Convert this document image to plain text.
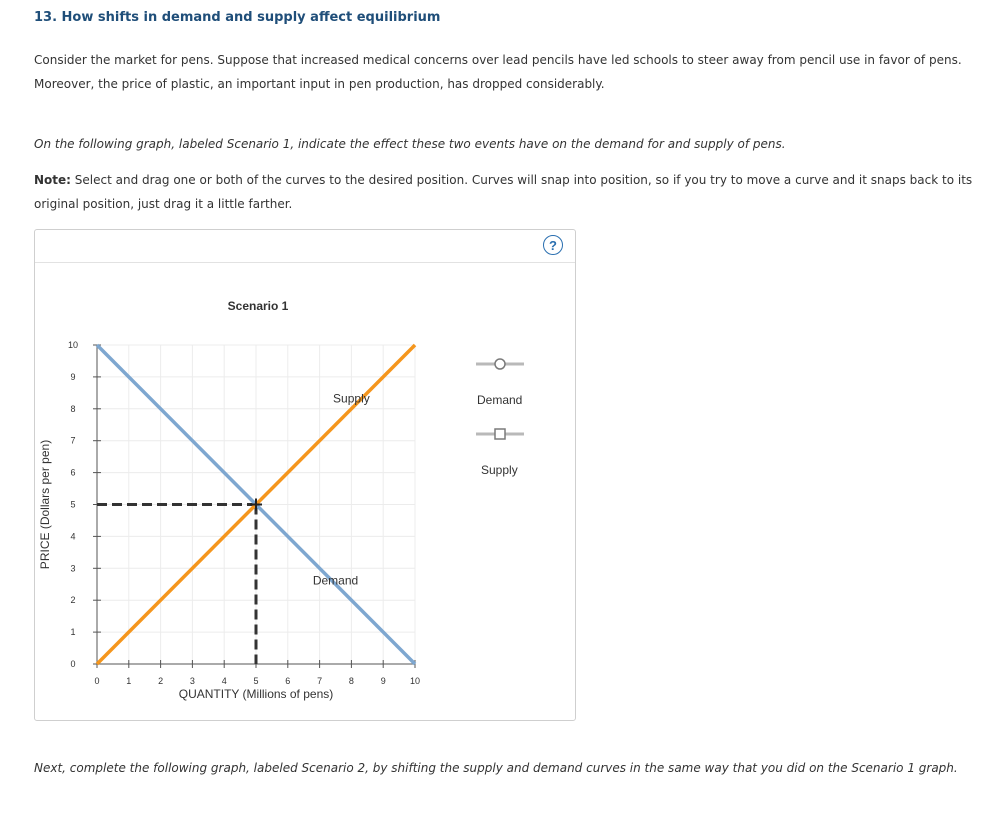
13. How shifts in demand and supply affect equilibrium
Consider the market for pens. Suppose that increased medical concerns over lead pencils have led schools to steer away from pencil use in favor of pens. Moreover, the price of plastic, an important input in pen production, has dropped considerably.
On the following graph, labeled Scenario 1, indicate the effect these two events have on the demand for and supply of pens.
Note: Select and drag one or both of the curves to the desired position. Curves will snap into position, so if you try to move a curve and it snaps back to its original position, just drag it a little farther.
?
Scenario 1
0	1	2	3	4	5	6	7	8	9	10
0
1
2
3
4
5
6
7
8
9
10
QUANTITY (Millions of pens)
PRICE (Dollars per pen)
Demand
Supply	Demand
Supply
Next, complete the following graph, labeled Scenario 2, by shifting the supply and demand curves in the same way that you did on the Scenario 1 graph.
